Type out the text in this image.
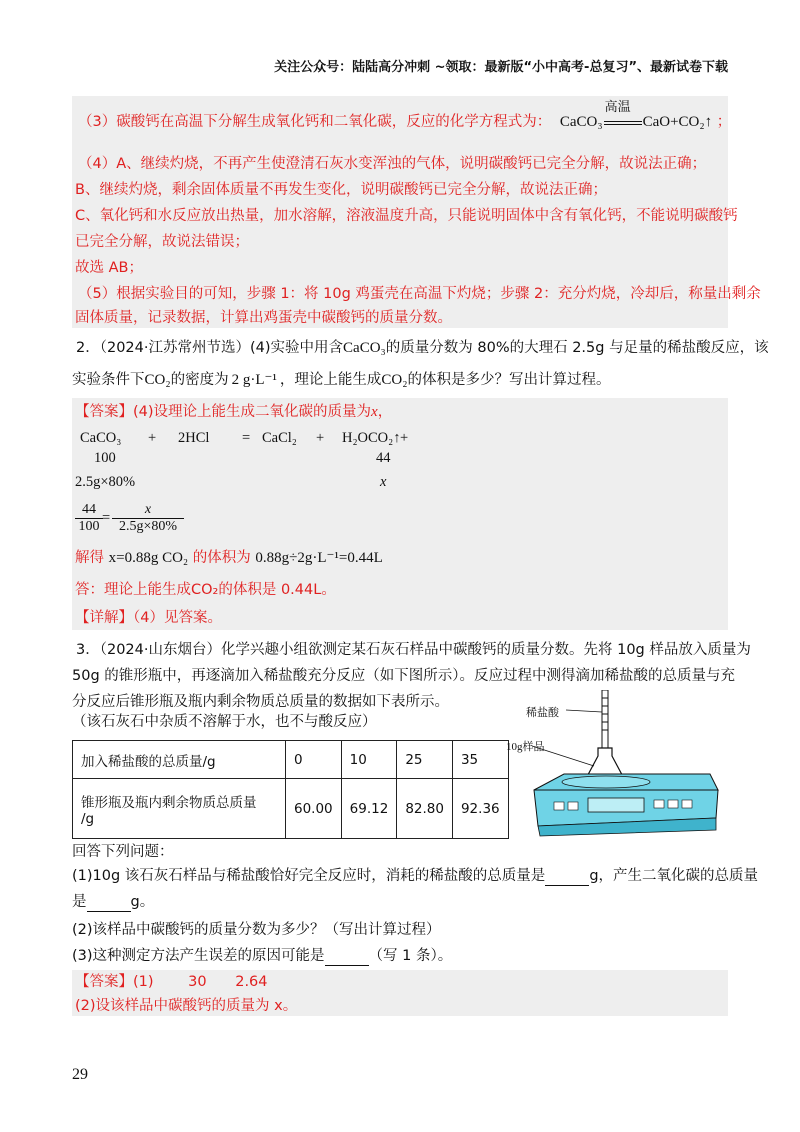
关注公众号：陆陆高分冲刺 ~领取：最新版“小中高考-总复习”、最新试卷下载
（3）碳酸钙在高温下分解生成氧化钙和二氧化碳，反应的化学方程式为： CaCO₃
高温
CaO+CO₂↑ ；
（4）A、继续灼烧，不再产生使澄清石灰水变浑浊的气体，说明碳酸钙已完全分解，故说法正确；
B、继续灼烧，剩余固体质量不再发生变化，说明碳酸钙已完全分解，故说法正确；
C、氧化钙和水反应放出热量，加水溶解，溶液温度升高，只能说明固体中含有氧化钙，不能说明碳酸钙
已完全分解，故说法错误；
故选 AB；
（5）根据实验目的可知，步骤 1：将 10g 鸡蛋壳在高温下灼烧；步骤 2：充分灼烧，冷却后，称量出剩余
固体质量，记录数据，计算出鸡蛋壳中碳酸钙的质量分数。
2．（2024·江苏常州节选）(4)实验中用含CaCO₃的质量分数为 80%的大理石 2.5g 与足量的稀盐酸反应，该
实验条件下CO₂的密度为 2 g·L⁻¹ ，理论上能生成CO₂的体积是多少？写出计算过程。
【答案】(4)设理论上能生成二氧化碳的质量为x，
CaCO₃ + 2HCl = CaCl₂ + H₂O +
CO₂↑
100	44
2.5g×80%	x
$\frac{44}{100} = \frac{x}{2.5g\times 80\%}$
解得 x=0.88g CO₂ 的体积为 0.88g÷2g·L⁻¹=0.44L
答：理论上能生成CO₂的体积是 0.44L。
【详解】（4）见答案。
3．（2024·山东烟台）化学兴趣小组欲测定某石灰石样品中碳酸钙的质量分数。先将 10g 样品放入质量为
50g 的锥形瓶中，再逐滴加入稀盐酸充分反应（如下图所示）。反应过程中测得滴加稀盐酸的总质量与充
分反应后锥形瓶及瓶内剩余物质总质量的数据如下表所示。
（该石灰石中杂质不溶解于水，也不与酸反应）
加入稀盐酸的总质量/g	0	10	25	35

锥形瓶及瓶内剩余物质总质量
/g	60.00	69.12	82.80	92.36
稀盐酸
10g样品
回答下列问题：
(1)10g 该石灰石样品与稀盐酸恰好完全反应时，消耗的稀盐酸的总质量是	g，产生二氧化碳的总质量
是	g。
(2)该样品中碳酸钙的质量分数为多少？（写出计算过程）
(3)这种测定方法产生误差的原因可能是	（写 1 条）。
【答案】(1) 30 2.64
(2)设该样品中碳酸钙的质量为 x。
29
